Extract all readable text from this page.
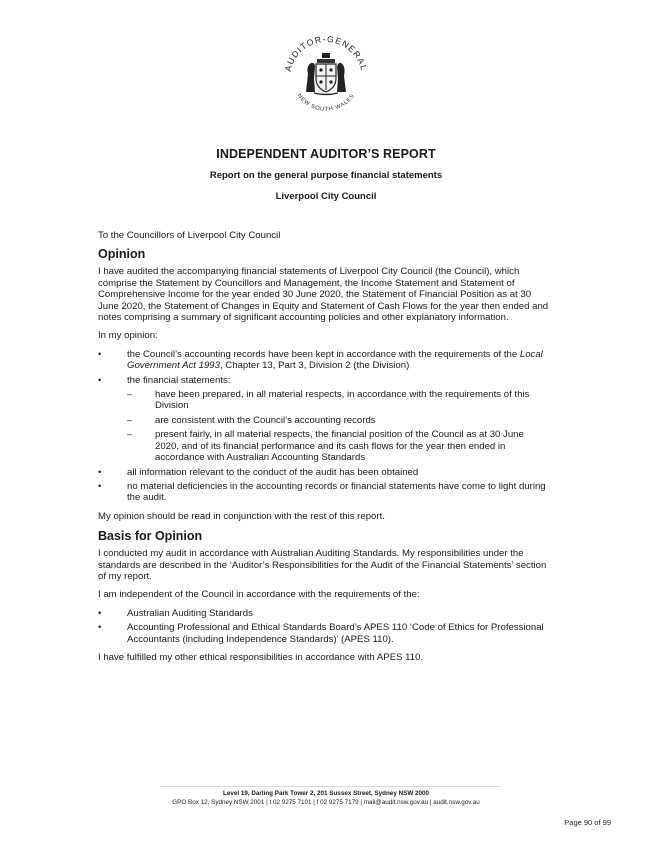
AUDITOR-GENERAL
NEW SOUTH WALES
INDEPENDENT AUDITOR’S REPORT
Report on the general purpose financial statements
Liverpool City Council

To the Councillors of Liverpool City Council

Opinion

I have audited the accompanying financial statements of Liverpool City Council (the Council), which comprise the Statement by Councillors and Management, the Income Statement and Statement of Comprehensive Income for the year ended 30 June 2020, the Statement of Financial Position as at 30 June 2020, the Statement of Changes in Equity and Statement of Cash Flows for the year then ended and notes comprising a summary of significant accounting policies and other explanatory information.

In my opinion:

•	the Council’s accounting records have been kept in accordance with the requirements of the Local Government Act 1993, Chapter 13, Part 3, Division 2 (the Division)
•	the financial statements:
– have been prepared, in all material respects, in accordance with the requirements of this Division
– are consistent with the Council’s accounting records
– present fairly, in all material respects, the financial position of the Council as at 30 June 2020, and of its financial performance and its cash flows for the year then ended in accordance with Australian Accounting Standards
•	all information relevant to the conduct of the audit has been obtained
•	no material deficiencies in the accounting records or financial statements have come to light during the audit.

My opinion should be read in conjunction with the rest of this report.

Basis for Opinion

I conducted my audit in accordance with Australian Auditing Standards. My responsibilities under the standards are described in the ‘Auditor’s Responsibilities for the Audit of the Financial Statements’ section of my report.

I am independent of the Council in accordance with the requirements of the:

•	Australian Auditing Standards
•	Accounting Professional and Ethical Standards Board’s APES 110 ‘Code of Ethics for Professional Accountants (including Independence Standards)’ (APES 110).

I have fulfilled my other ethical responsibilities in accordance with APES 110.

Level 19, Darling Park Tower 2, 201 Sussex Street, Sydney NSW 2000
GPO Box 12, Sydney NSW 2001 | t 02 9275 7101 | f 02 9275 7179 | mail@audit.nsw.gov.au | audit.nsw.gov.au
Page 90 of 99
